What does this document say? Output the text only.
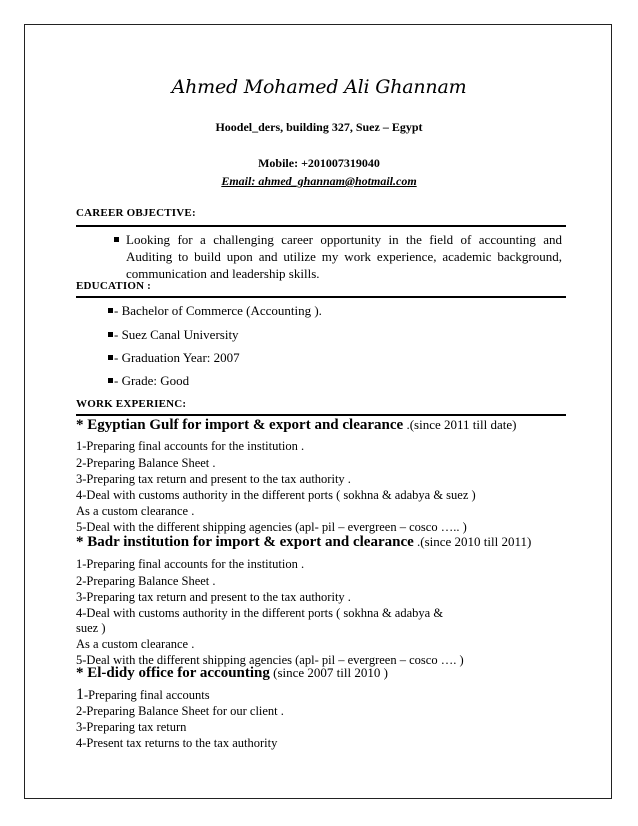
Ahmed Mohamed Ali Ghannam
Hoodel_ders, building 327, Suez – Egypt
Mobile: +201007319040
Email: ahmed_ghannam@hotmail.com
CAREER OBJECTIVE:
Looking for a challenging career opportunity in the field of accounting and Auditing to build upon and utilize my work experience, academic background, communication and leadership skills.
EDUCATION :
- Bachelor of Commerce (Accounting ).
- Suez Canal University
- Graduation Year: 2007
- Grade: Good
WORK EXPERIENC:
* Egyptian Gulf for import & export and clearance .(since 2011 till date)
1-Preparing final accounts for the institution .
2-Preparing Balance Sheet .
3-Preparing tax return and present to the tax authority .
4-Deal with customs authority in the different ports ( sokhna & adabya & suez )
As a custom clearance .
5-Deal with the different shipping agencies (apl- pil – evergreen – cosco ….. )
* Badr institution for import & export and clearance .(since 2010 till 2011)
1-Preparing final accounts for the institution .
2-Preparing Balance Sheet .
3-Preparing tax return and present to the tax authority .
4-Deal with customs authority in the different ports ( sokhna & adabya &
suez )
As a custom clearance .
5-Deal with the different shipping agencies (apl- pil – evergreen – cosco …. )
* El-didy office for accounting (since 2007 till 2010 )
1-Preparing final accounts
2-Preparing Balance Sheet for our client .
3-Preparing tax return
4-Present tax returns to the tax authority
